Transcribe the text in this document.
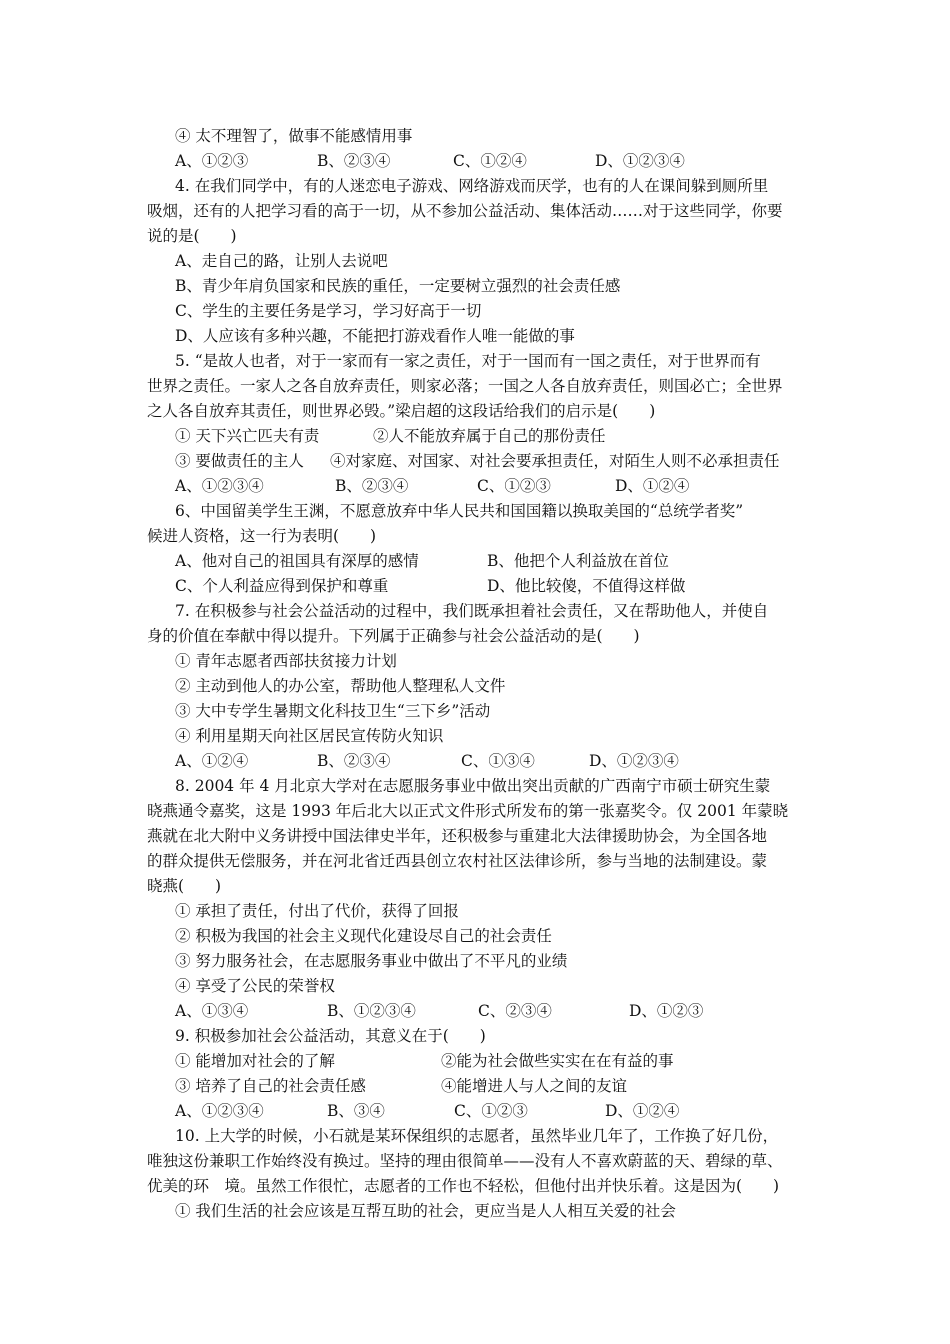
④ 太不理智了，做事不能感情用事
A、①②③	B、②③④	C、①②④	D、①②③④
4. 在我们同学中，有的人迷恋电子游戏、网络游戏而厌学，也有的人在课间躲到厕所里
吸烟，还有的人把学习看的高于一切，从不参加公益活动、集体活动……对于这些同学，你要
说的是(　　)
A、走自己的路，让别人去说吧
B、青少年肩负国家和民族的重任，一定要树立强烈的社会责任感
C、学生的主要任务是学习，学习好高于一切
D、人应该有多种兴趣，不能把打游戏看作人唯一能做的事
5. “是故人也者，对于一家而有一家之责任，对于一国而有一国之责任，对于世界而有
世界之责任。一家人之各自放弃责任，则家必落；一国之人各自放弃责任，则国必亡；全世界
之人各自放弃其责任，则世界必毁。”梁启超的这段话给我们的启示是(　　)
① 天下兴亡匹夫有责	②人不能放弃属于自己的那份责任
③ 要做责任的主人 ④对家庭、对国家、对社会要承担责任，对陌生人则不必承担责任
A、①②③④	B、②③④	C、①②③	D、①②④
6、中国留美学生王渊，不愿意放弃中华人民共和国国籍以换取美国的“总统学者奖”
候进人资格，这一行为表明(　　)
A、他对自己的祖国具有深厚的感情	B、他把个人利益放在首位
C、个人利益应得到保护和尊重	D、他比较傻，不值得这样做
7. 在积极参与社会公益活动的过程中，我们既承担着社会责任，又在帮助他人，并使自
身的价值在奉献中得以提升。下列属于正确参与社会公益活动的是(　　)
① 青年志愿者西部扶贫接力计划
② 主动到他人的办公室，帮助他人整理私人文件
③ 大中专学生暑期文化科技卫生“三下乡”活动
④ 利用星期天向社区居民宣传防火知识
A、①②④	B、②③④	C、①③④	D、①②③④
8. 2004 年 4 月北京大学对在志愿服务事业中做出突出贡献的广西南宁市硕士研究生蒙
晓燕通令嘉奖，这是 1993 年后北大以正式文件形式所发布的第一张嘉奖令。仅 2001 年蒙晓
燕就在北大附中义务讲授中国法律史半年，还积极参与重建北大法律援助协会，为全国各地
的群众提供无偿服务，并在河北省迁西县创立农村社区法律诊所，参与当地的法制建设。蒙
晓燕(　　)
① 承担了责任，付出了代价，获得了回报
② 积极为我国的社会主义现代化建设尽自己的社会责任
③ 努力服务社会，在志愿服务事业中做出了不平凡的业绩
④ 享受了公民的荣誉权
A、①③④	B、①②③④	C、②③④	D、①②③
9. 积极参加社会公益活动，其意义在于(　　)
① 能增加对社会的了解	②能为社会做些实实在在有益的事
③ 培养了自己的社会责任感	④能增进人与人之间的友谊
A、①②③④	B、③④	C、①②③	D、①②④
10. 上大学的时候，小石就是某环保组织的志愿者，虽然毕业几年了，工作换了好几份，
唯独这份兼职工作始终没有换过。坚持的理由很简单——没有人不喜欢蔚蓝的天、碧绿的草、
优美的环　境。虽然工作很忙，志愿者的工作也不轻松，但他付出并快乐着。这是因为(　　)
① 我们生活的社会应该是互帮互助的社会，更应当是人人相互关爱的社会
